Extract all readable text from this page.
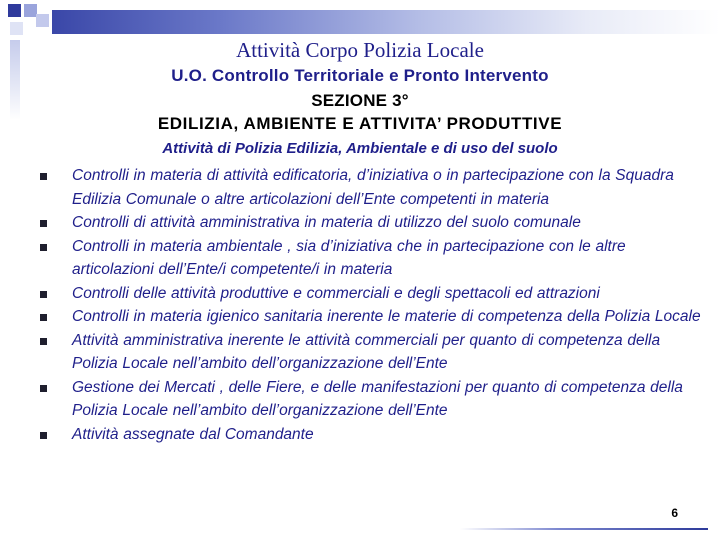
Attività Corpo Polizia Locale
U.O. Controllo Territoriale e Pronto Intervento
SEZIONE 3°
EDILIZIA, AMBIENTE E ATTIVITA’ PRODUTTIVE
Attività di Polizia Edilizia, Ambientale e di uso del suolo
Controlli in materia di attività edificatoria, d’iniziativa o in partecipazione con la Squadra Edilizia Comunale o altre articolazioni dell’Ente competenti in materia
Controlli di attività amministrativa in materia di utilizzo del suolo comunale
Controlli in materia ambientale , sia d’iniziativa che in partecipazione con le altre articolazioni dell’Ente/i competente/i in materia
Controlli delle attività produttive e commerciali e degli spettacoli ed attrazioni
Controlli in materia igienico sanitaria inerente le materie di competenza della Polizia Locale
Attività amministrativa inerente le attività commerciali per quanto di competenza della Polizia Locale nell’ambito dell’organizzazione dell’Ente
Gestione dei Mercati , delle Fiere, e delle manifestazioni per quanto di competenza della Polizia Locale nell’ambito dell’organizzazione dell’Ente
Attività assegnate dal Comandante
6
